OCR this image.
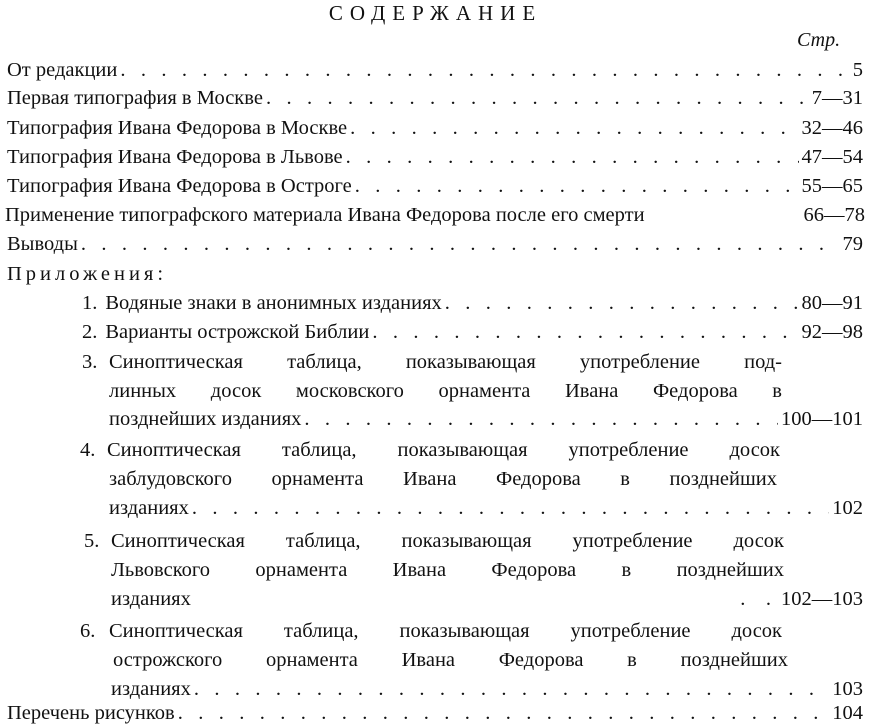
СОДЕРЖАНИЕ
Стр.
От редакции . .	5
Первая типография в Москве . .	7—31
Типография Ивана Федорова в Москве . .	32—46
Типография Ивана Федорова в Львове . .	47—54
Типография Ивана Федорова в Остроге . .	55—65
Применение типографского материала Ивана Федорова после его смерти	66—78
Выводы . .	79
Приложения:
1. Водяные знаки в анонимных изданиях . .	80—91
2. Варианты острожской Библии . .	92—98
3. Синоптическая таблица, показывающая употребление под-
линных досок московского орнамента Ивана Федорова в
позднейших изданиях . .	100—101
4. Синоптическая таблица, показывающая употребление досок
заблудовского орнамента Ивана Федорова в позднейших
изданиях . .	102
5. Синоптическая таблица, показывающая употребление досок
Львовского орнамента Ивана Федорова в позднейших
изданиях	.    . 102—103
6. Синоптическая таблица, показывающая употребление досок
острожского орнамента Ивана Федорова в позднейших
изданиях . .	103
Перечень рисунков . .	104
